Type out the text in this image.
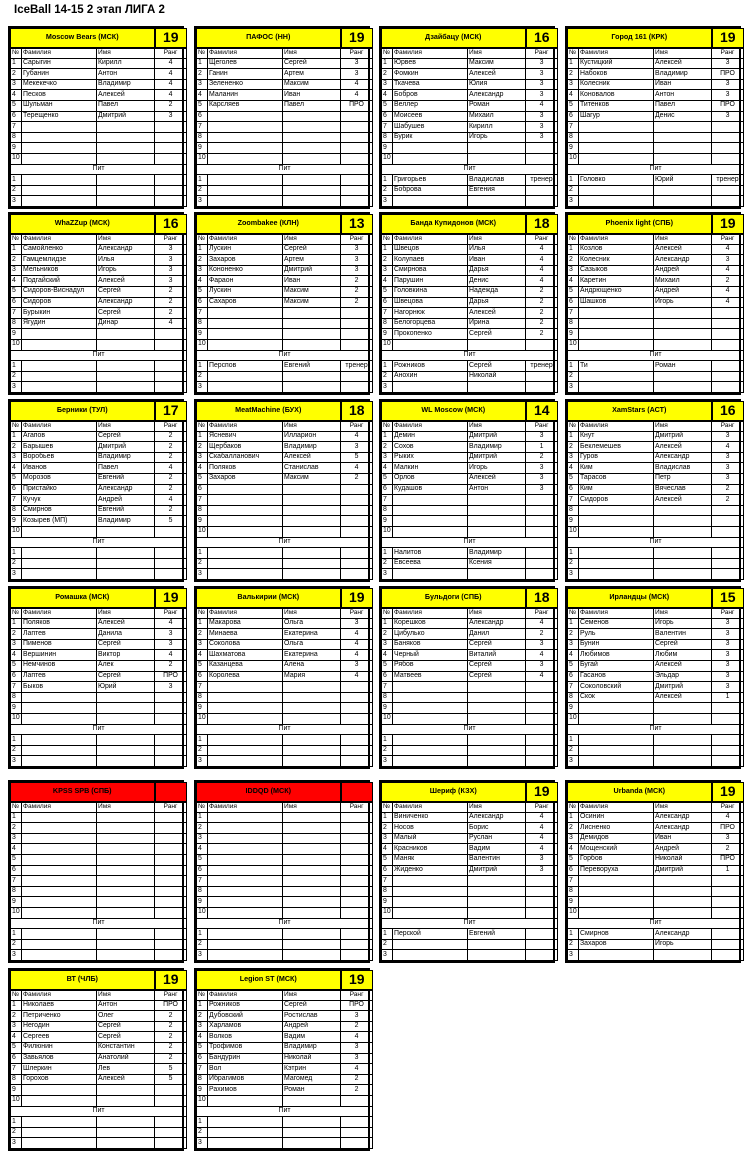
IceBall 14-15 2 этап ЛИГА 2
Moscow Bears (МСК)			19
№	Фамилия	Имя	Ранг
1	Сарыгин	Кирилл	4
2	Губанин	Антон	4
3	Мекекечко	Владимир	4
4	Песков	Алексей	4
5	Шульман	Павел	2
6	Терещенко	Дмитрий	3
7			
8			
9			
10			
Пит			
1			
2			
3			
ПАФОС (НН)			19
№	Фамилия	Имя	Ранг
1	Щеголев	Сергей	3
2	Ганин	Артем	3
3	Зелененко	Максим	4
4	Маланин	Иван	4
5	Карсляев	Павел	ПРО
6			
7			
8			
9			
10			
Пит			
1			
2			
3			
Дзайбацу (МСК)			16
№	Фамилия	Имя	Ранг
1	Юрвев	Максим	3
2	Фомкин	Алексей	3
3	Ткачева	Юлия	3
4	Бобров	Александр	3
5	Веллер	Роман	4
6	Моисеев	Михаил	3
7	Шабушев	Кирилл	3
8	Бурик	Игорь	3
9			
10			
Пит			
1	Григорьев	Владислав	тренер
2	Боброва	Евгения	
3			
Город 161 (КРК)			19
№	Фамилия	Имя	Ранг
1	Кустицкий	Алексей	3
2	Набоков	Владимир	ПРО
3	Колесник	Иван	3
4	Коновалов	Антон	3
5	Титенков	Павел	ПРО
6	Шагур	Денис	3
7			
8			
9			
10			
Пит			
1	Головко	Юрий	тренер
2			
3			
WhaZZup (МСК)			16
№	Фамилия	Имя	Ранг
1	Самойленко	Александр	3
2	Гамцемлидзе	Илья	3
3	Мельников	Игорь	3
4	Подгайский	Алексей	3
5	Сидоров-Виснадул	Сергей	2
6	Сидоров	Александр	2
7	Бурыкин	Сергей	2
8	Ягудин	Динар	4
9			
10			
Пит			
1			
2			
3			
Zoombakee (КЛН)			13
№	Фамилия	Имя	Ранг
1	Лускин	Сергей	3
2	Захаров	Артем	3
3	Кононенко	Дмитрий	3
4	Фараон	Иван	2
5	Лускин	Максим	2
6	Сахаров	Максим	2
7			
8			
9			
10			
Пит			
1	Перспов	Евгений	тренер
2			
3			
Банда Купидонов (МСК)			18
№	Фамилия	Имя	Ранг
1	Швецов	Илья	4
2	Колупаев	Иван	4
3	Смирнова	Дарья	4
4	Парушин	Денис	4
5	Головкина	Надежда	2
6	Швецова	Дарья	2
7	Нагорнюк	Алексей	2
8	Белогорцева	Ирина	2
9	Прокопенко	Сергей	2
10			
Пит			
1	Рожников	Сергей	тренер
2	Анохин	Николай	
3			
Phoenix light (СПБ)			19
№	Фамилия	Имя	Ранг
1	Козлов	Алексей	4
2	Колесник	Александр	3
3	Сазыков	Андрей	4
4	Каретин	Михаил	2
5	Андрющенко	Андрей	4
6	Шашков	Игорь	4
7			
8			
9			
10			
Пит			
1	Ти	Роман	
2			
3			
Берники (ТУЛ)			17
№	Фамилия	Имя	Ранг
1	Агапов	Сергей	2
2	Барышев	Дмитрий	2
3	Воробьев	Владимир	2
4	Иванов	Павел	4
5	Морозов	Евгений	2
6	Пристайко	Александр	2
7	Кучук	Андрей	4
8	Смирнов	Евгений	2
9	Козырев (МП)	Владимир	5
10			
Пит			
1			
2			
3			
MeatMachine (БУХ)			18
№	Фамилия	Имя	Ранг
1	Ясневич	Илларион	4
2	Щербаков	Владимир	3
3	Скабалланович	Алексей	5
4	Поляков	Станислав	4
5	Захаров	Максим	2
6			
7			
8			
9			
10			
Пит			
1			
2			
3			
WL Moscow (МСК)			14
№	Фамилия	Имя	Ранг
1	Демин	Дмитрий	3
2	Сохов	Владимир	1
3	Рыких	Дмитрий	2
4	Малкин	Игорь	3
5	Орлов	Алексей	3
6	Кудашов	Антон	3
7			
8			
9			
10			
Пит			
1	Налитов	Владимир	
2	Евсеева	Ксения	
3			
XamStars (АСТ)			16
№	Фамилия	Имя	Ранг
1	Кнут	Дмитрий	3
2	Беклемешев	Алексей	4
3	Гуров	Александр	3
4	Ким	Владислав	3
5	Тарасов	Петр	3
6	Ким	Вячеслав	2
7	Сидоров	Алексей	2
8			
9			
10			
Пит			
1			
2			
3			
Ромашка (МСК)			19
№	Фамилия	Имя	Ранг
1	Поляков	Алексей	4
2	Лаптев	Данила	3
3	Пименов	Сергей	3
4	Вершинин	Виктор	4
5	Немчинов	Алек	2
6	Лаптев	Сергей	ПРО
7	Быков	Юрий	3
8			
9			
10			
Пит			
1			
2			
3			
Валькирии (МСК)			19
№	Фамилия	Имя	Ранг
1	Макарова	Ольга	3
2	Минаева	Екатерина	4
3	Соколова	Ольга	4
4	Шахматова	Екатерина	4
5	Казанцева	Алена	3
6	Королева	Мария	4
7			
8			
9			
10			
Пит			
1			
2			
3			
Бульдоги (СПБ)			18
№	Фамилия	Имя	Ранг
1	Корешков	Александр	4
2	Цибулько	Данил	2
3	Баняков	Сергей	3
4	Черный	Виталий	4
5	Рябов	Сергей	3
6	Матвеев	Сергей	4
7			
8			
9			
10			
Пит			
1			
2			
3			
Ирландцы (МСК)			15
№	Фамилия	Имя	Ранг
1	Семенов	Игорь	3
2	Руль	Валентин	3
3	Бунин	Сергей	3
4	Любимов	Любим	3
5	Бугай	Алексей	3
6	Гасанов	Эльдар	3
7	Соколовский	Дмитрий	3
8	Скок	Алексей	1
9			
10			
Пит			
1			
2			
3			
KPSS SPB (СПБ)			
№	Фамилия	Имя	Ранг
1			
2			
3			
4			
5			
6			
7			
8			
9			
10			
Пит			
1			
2			
3			
IDDQD (МСК)			
№	Фамилия	Имя	Ранг
1			
2			
3			
4			
5			
6			
7			
8			
9			
10			
Пит			
1			
2			
3			
Шериф (КЗХ)			19
№	Фамилия	Имя	Ранг
1	Виниченко	Александр	4
2	Носов	Борис	4
3	Малый	Руслан	4
4	Красников	Вадим	4
5	Маняк	Валентин	3
6	Жиденко	Дмитрий	3
7			
8			
9			
10			
Пит			
1	Перской	Евгений	
2			
3			
Urbanda (МСК)			19
№	Фамилия	Имя	Ранг
1	Осинин	Александр	4
2	Лисненко	Александр	ПРО
3	Демидов	Иван	3
4	Мощенский	Андрей	2
5	Горбов	Николай	ПРО
6	Переворуха	Дмитрий	1
7			
8			
9			
10			
Пит			
1	Смирнов	Александр	
2	Захаров	Игорь	
3			
ВТ (ЧЛБ)			19
№	Фамилия	Имя	Ранг
1	Николаев	Антон	ПРО
2	Петриченко	Олег	2
3	Негодин	Сергей	2
4	Сергеев	Сергей	2
5	Филюнин	Константин	2
6	Завьялов	Анатолий	2
7	Шлеркин	Лев	5
8	Горохов	Алексей	5
9			
10			
Пит			
1			
2			
3			
Legion ST (МСК)			19
№	Фамилия	Имя	Ранг
1	Рожников	Сергей	ПРО
2	Дубовский	Ростислав	3
3	Харламов	Андрей	2
4	Волков	Вадим	4
5	Трофимов	Владимир	3
6	Бандурин	Николай	3
7	Вол	Кэтрин	4
8	Ибрагимов	Магомед	2
9	Рахимов	Роман	2
10			
Пит			
1			
2			
3			
